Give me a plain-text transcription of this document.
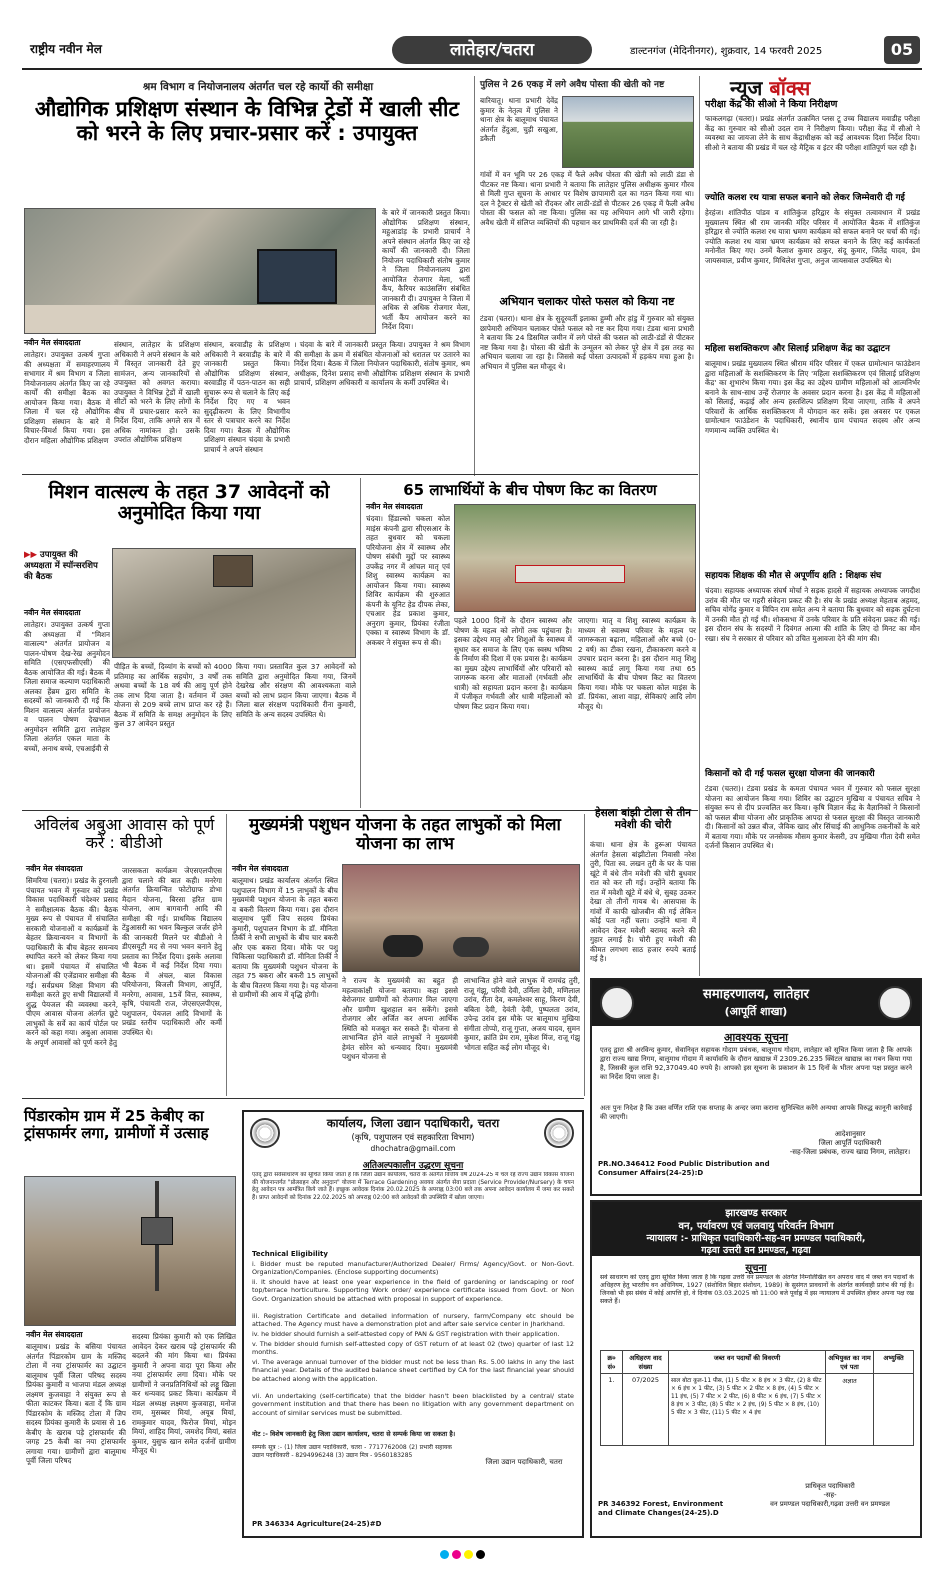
राष्ट्रीय नवीन मेल	लातेहार/चतरा	डाल्टनगंज (मेदिनीनगर), शुक्रवार, 14 फरवरी 2025	05
श्रम विभाग व नियोजनालय अंतर्गत चल रहे कार्यो की समीक्षा
औद्योगिक प्रशिक्षण संस्थान के विभिन्न ट्रेडों में खाली सीट को भरने के लिए प्रचार-प्रसार करें : उपायुक्त
के बारे में जानकारी प्रस्तुत किया।औद्योगिक प्रशिक्षण संस्थान, महुआडांड़ के प्रभारी प्राचार्य ने अपने संस्थान अंतर्गत किए जा रहे कार्यों की जानकारी दी। जिला नियोजन पदाधिकारी संतोष कुमार ने जिला नियोजनालय द्वारा आयोजित रोजगार मेला, भर्ती कैंप, कैरियर काउंसलिंग संबंधित जानकारी दी। उपायुक्त ने जिला में अधिक से अधिक रोजगार मेला, भर्ती कैंप आयोजन करने का निर्देश दिया।
नवीन मेल संवाददाता
लातेहार। उपायुक्त उत्कर्ष गुप्ता की अध्यक्षता में समाहरणालय सभागार में श्रम विभाग व जिला नियोजनालय अंतर्गत किए जा रहे कार्यों की समीक्षा बैठक का आयोजन किया गया। बैठक में जिला में चल रहे औद्योगिक प्रशिक्षण संस्थान के बारे में विचार-विमर्श किया गया। इस दौरान महिला औद्योगिक प्रशिक्षण
संस्थान, लातेहार के प्रशिक्षण अधिकारी ने अपने संस्थान के बारे में विस्तृत जानकारी देते हुए सामंजन, अन्य जानकारियों से उपायुक्त को अवगत कराया। उपायुक्त ने विभिन्न ट्रेडों में खाली सीटों को भरने के लिए लोगों के बीच में प्रचार-प्रसार करने का निर्देश दिया, ताकि अगले सत्र में अधिक नामांकन हो। उसके उपरांत औद्योगिक प्रशिक्षण
संस्थान, बरवाडीह के प्रशिक्षण अधिकारी ने बरवाडीह के बारे में जानकारी प्रस्तुत किया। औद्योगिक प्रशिक्षण संस्थान, बरवाडीह में पठन-पाठन का सही सुचारू रूप से चलाने के लिए कई निर्देश दिए गए व भवन सुदृढ़ीकरण के लिए विभागीय स्तर से पत्राचार करने का निर्देश दिया गया। बैठक में औद्योगिक प्रशिक्षण संस्थान चंदवा के प्रभारी प्राचार्य ने अपने संस्थान
। चंदवा के बारे में जानकारी प्रस्तुत किया। उपायुक्त ने श्रम विभाग की समीक्षा के क्रम में संबंधित योजनाओं को धरातल पर उतारने का निर्देश दिया। बैठक में जिला नियोजन पदाधिकारी, संतोष कुमार, श्रम अधीक्षक, दिनेश प्रसाद सभी औद्योगिक प्रशिक्षण संस्थान के प्रभारी प्राचार्य, प्रशिक्षण अधिकारी व कार्यालय के कर्मी उपस्थित थे।
पुलिस ने 26 एकड़ में लगे अवैध पोस्ता की खेती को नष्ट
बारियातू। थाना प्रभारी देवेंद्र कुमार के नेतृत्व में पुलिस ने थाना क्षेत्र के बालूमाथ पंचायत अंतर्गत हेंदुआ, चुड़ी सखुआ, डकैती
गांवों में वन भूमि पर 26 एकड़ में फैले अवैध पोस्ता की खेती को लाठी डंडा से पीटकर नष्ट किया। थाना प्रभारी ने बताया कि लातेहार पुलिस अधीक्षक कुमार गौरव से मिली गुप्त सूचना के आधार पर विशेष छापामारी दल का गठन किया गया था। दल ने ट्रैक्टर से खेती को रौंदकर और लाठी-डंडों से पीटकर 26 एकड़ में फैली अवैध पोस्ता की फसल को नष्ट किया। पुलिस का यह अभियान आगे भी जारी रहेगा। अवैध खेती में संलिप्त व्यक्तियों की पहचान कर प्राथमिकी दर्ज की जा रही है।
अभियान चलाकर पोस्ते फसल को किया नष्ट
टंडवा (चतरा)। थाना क्षेत्र के सुदूरवर्ती इलाका हुम्मी और हांडु में गुरुवार को संयुक्त छापेमारी अभियान चलाकर पोस्ते फसल को नष्ट कर दिया गया। टंडवा थाना प्रभारी ने बताया कि 24 डिसमिल जमीन में लगे पोस्ते की फसल को लाठी-डंडों से पीटकर नष्ट किया गया है। पोस्ता की खेती के उन्मूलन को लेकर पूरे क्षेत्र में इस तरह का अभियान चलाया जा रहा है। जिससे कई पोस्ता उत्पादकों में हड़कंप मचा हुआ है। अभियान में पुलिस बल मौजूद थे।
न्यूज बॉक्स
परीक्षा केंद्र की सीओ ने किया निरीक्षण
फाकलगढ़ा (चतरा)। प्रखंड अंतर्गत उत्क्रमित प्लस टू उच्च विद्यालय मवाडीह परीक्षा केंद्र का गुरुवार को सीओ उदल राम ने निरीक्षण किया। परीक्षा केंद्र में सीओ ने व्यवस्था का जायजा लेने के साथ केंद्राधीक्षक को कई आवश्यक दिशा निर्देश दिया। सीओ ने बताया की प्रखंड में चल रहे मैट्रिक व इंटर की परीक्षा शांतिपूर्ण चल रही है।
ज्योति कलश रथ यात्रा सफल बनाने को लेकर जिम्मेवारी दी गई
हेरहंज। शांतिपीठ पांडव व शांतिकुंज हरिद्वार के संयुक्त तत्वावधान में प्रखंड मुख्यालय स्थित श्री राम जानकी मंदिर परिसर में आयोजित बैठक में शांतिकुंज हरिद्वार से ज्योति कलश रथ यात्रा भ्रमण कार्यक्रम को सफल बनाने पर चर्चा की गई। ज्योति कलश रथ यात्रा भ्रमण कार्यक्रम को सफल बनाने के लिए कई कार्यकर्ता मनोनीत किए गए। उनमें कैलाश कुमार ठाकुर, संदू कुमार, जितेंद्र यादव, प्रेम जायसवाल, प्रवीण कुमार, मिथिलेश गुप्ता, अनुज जायसवाल उपस्थित थे।
महिला सशक्तिकरण और सिलाई प्रशिक्षण केंद्र का उद्घाटन
बालूमाथ। प्रखंड मुख्यालय स्थित श्रीराम मंदिर परिसर में एकल ग्रामोत्थान फाउंडेशन द्वारा महिलाओं के सशक्तिकरण के लिए 'महिला सशक्तिकरण एवं सिलाई प्रशिक्षण केंद्र' का शुभारंभ किया गया। इस केंद्र का उद्देश्य ग्रामीण महिलाओं को आत्मनिर्भर बनाने के साथ-साथ उन्हें रोजगार के अवसर प्रदान करना है। इस केंद्र में महिलाओं को सिलाई, कढ़ाई और अन्य हस्तशिल्प प्रशिक्षण दिया जाएगा, ताकि वे अपने परिवारों के आर्थिक सशक्तिकरण में योगदान कर सकें। इस अवसर पर एकल ग्रामोत्थान फाउंडेशन के पदाधिकारी, स्थानीय ग्राम पंचायत सदस्य और अन्य गणमान्य व्यक्ति उपस्थित थे।
सहायक शिक्षक की मौत से अपूर्णीय क्षति : शिक्षक संघ
चंदवा। सहायक अध्यापक संघर्ष मोर्चा ने सड़क हादसे में सहायक अध्यापक जगदीश उरांव की मौत पर गहरी संवेदना प्रकट की है। संघ के प्रखंड अध्यक्ष मेहताब अहमद, सचिव योगेंद्र कुमार व विपिन राम समेत अन्य ने बताया कि बुधवार को सड़क दुर्घटना में उनकी मौत हो गई थी। शोकसभा में उनके परिवार के प्रति संवेदना प्रकट की गई। इस दौरान संघ के सदस्यों ने दिवंगत आत्मा की शांति के लिए दो मिनट का मौन रखा। संघ ने सरकार से परिवार को उचित मुआवजा देने की मांग की।
किसानों को दी गई फसल सुरक्षा योजना की जानकारी
टंडवा (चतरा)। टंडवा प्रखंड के कमता पंचायत भवन में गुरुवार को फसल सुरक्षा योजना का आयोजन किया गया। शिविर का उद्घाटन मुखिया व पंचायत सचिव ने संयुक्त रूप से दीप प्रज्वलित कर किया। कृषि विज्ञान केंद्र के वैज्ञानिकों ने किसानों को फसल बीमा योजना और प्राकृतिक आपदा से फसल सुरक्षा की विस्तृत जानकारी दी। किसानों को उन्नत बीज, जैविक खाद और सिंचाई की आधुनिक तकनीकों के बारे में बताया गया। मौके पर जनसेवक मौसम कुमार केसरी, उप मुखिया गीता देवी समेत दर्जनों किसान उपस्थित थे।
मिशन वात्सल्य के तहत 37 आवेदनों को अनुमोदित किया गया
▶▶ उपायुक्त की अध्यक्षता में स्पॉन्सरशिप की बैठक
नवीन मेल संवाददाता
लातेहार। उपायुक्त उत्कर्ष गुप्ता की अध्यक्षता में "मिशन वात्सल्य" अंतर्गत प्रायोजन व पालन-पोषण देख-रेख अनुमोदन समिति (एसएफसीएसी) की बैठक आयोजित की गई। बैठक में जिला समाज कल्याण पदाधिकारी अलका हेंब्रम द्वारा समिति के सदस्यों को जानकारी दी गई कि मिशन वात्सल्य अंतर्गत प्रायोजन व पालन पोषण देखभाल अनुमोदन समिति द्वारा लातेहार जिला अंतर्गत एकल माता के बच्चों, अनाथ बच्चे, एचआईवी से
पीड़ित के बच्चों, दिव्यांग के बच्चों को 4000 प्रतिमाह का आर्थिक सहयोग, 3 वर्षों तक अथवा बच्चों के 18 वर्ष की आयु पूर्ण होने तक लाभ दिया जाता है। वर्तमान में उक्त योजना से 209 बच्चे लाभ प्राप्त कर रहे हैं। बैठक में समिति के समक्ष अनुमोदन के लिए कुल 37 आवेदन प्रस्तुत
किया गया। प्रस्तावित कुल 37 आवेदनों को समिति द्वारा अनुमोदित किया गया, जिनमें देखरेख और संरक्षण की आवश्यकता वाले बच्चों को लाभ प्रदान किया जाएगा। बैठक में जिला बाल संरक्षण पदाधिकारी रीना कुमारी, समिति के अन्य सदस्य उपस्थित थे।
65 लाभार्थियों के बीच पोषण किट का वितरण
नवीन मेल संवाददाता
चंदवा। हिंडाल्को चकला कोल माइंस कंपनी द्वारा सीएसआर के तहत बुधवार को चकला परियोजना क्षेत्र में स्वास्थ्य और पोषण संबंधी मुद्दों पर स्वास्थ्य उपकेंद्र नगर में आंचल मातृ एवं शिशु स्वास्थ्य कार्यक्रम का आयोजन किया गया। स्वास्थ्य शिविर कार्यक्रम की शुरुआत कंपनी के यूनिट हेड दीपक लेका, एचआर हेड प्रकाश कुमार, अनुराग कुमार, प्रियंका रंजीता एक्का व स्वास्थ्य विभाग के डॉ. अकबर ने संयुक्त रूप से की।
पहले 1000 दिनों के दौरान स्वास्थ्य और पोषण के महत्व को लोगों तक पहुंचाना है। इसका उद्देश्य मातृ और शिशुओं के स्वास्थ्य में सुधार कर समाज के लिए एक स्वस्थ भविष्य के निर्माण की दिशा में एक प्रयास है। कार्यक्रम का मुख्य उद्देश्य लाभार्थियों और परिवारों को जागरूक करना और माताओं (गर्भवती और धात्री) को सहायता प्रदान करना है। कार्यक्रम में पंजीकृत गर्भवती और धात्री महिलाओं को पोषण किट प्रदान किया गया।
जाएगा। मातृ व शिशु स्वास्थ्य कार्यक्रम के माध्यम से स्वास्थ्य परिवार के महत्व पर जागरूकता बढ़ाना, महिलाओं और बच्चे (0-2 वर्ष) का टीका रखना, टीकाकरण करने व उपचार प्रदान करना है। इस दौरान मातृ शिशु स्वास्थ्य कार्ड लागू किया गया तथा 65 लाभार्थियों के बीच पोषण किट का वितरण किया गया। मौके पर चकला कोल माइंस के डॉ. प्रियंका, आशा वाड़ा, सेविकाएं आदि लोग मौजूद थे।
अविलंब अबुआ आवास को पूर्ण करें : बीडीओ
नवीन मेल संवाददाता
सिमरिया (चतरा)। प्रखंड के हुरनाली पंचायत भवन में गुरुवार को प्रखंड विकास पदाधिकारी चंदेश्वर प्रसाद ने समीक्षात्मक बैठक की। बैठक मुख्य रूप से पंचायत में संचालित सरकारी योजनाओं व कार्यक्रमों के बेहतर क्रियान्वयन व विभागों के पदाधिकारी के बीच बेहतर समन्वय स्थापित करने को लेकर किया गया था। इसमें पंचायत में संचालित योजनाओं की एजेंडावार समीक्षा की गई। सर्वप्रथम शिक्षा विभाग की समीक्षा करते हुए सभी विद्यालयों में शुद्ध पेयजल की व्यवस्था करने, पीएम आवास योजना अंतर्गत छूटे लाभुकों के सर्वे का कार्य पोर्टल पर करने को कहा गया। अबुआ आवास के अपूर्ण आवासों को पूर्ण करने हेतु
जारसकता कार्यक्रम जेएसएलपीएस द्वारा चलाने की बात कही। मनरेगा अंतर्गत क्रियान्वित फोटोग्राफ डोभा मैदान योजना, बिरसा हरित ग्राम योजना, आम बागवानी आदि की समीक्षा की गई। प्राथमिक विद्यालय टेंडुआसरी का भवन बिल्कुल जर्जर होने की जानकारी मिलने पर बीडीओ ने डीएसयूटी मद से नया भवन बनाने हेतु प्रस्ताव का निर्देश दिया। इसके अलावा भी बैठक में कई निर्देश दिया गया। बैठक में अंचल, बाल विकास परियोजना, बिजली विभाग, आपूर्ति, मनरेगा, आवास, 15वें वित्त, स्वास्थ्य, कृषि, पंचायती राज, जेएसएलपीएस, पशुपालन, पेयजल आदि विभागों के प्रखंड स्तरीय पदाधिकारी और कर्मी उपस्थित थे।
मुख्यमंत्री पशुधन योजना के तहत लाभुकों को मिला योजना का लाभ
नवीन मेल संवाददाता
बालूमाथ। प्रखंड कार्यालय अंतर्गत स्थित पशुपालन विभाग में 15 लाभुकों के बीच मुख्यमंत्री पशुधन योजना के तहत बकरा व बकरी वितरण किया गया। इस दौरान बालूमाथ पूर्वी जिप सदस्य प्रियंका कुमारी, पशुपालन विभाग के डॉ. मीनिता तिर्की ने सभी लाभुकों के बीच चार बकरी और एक बकरा दिया। मौके पर पशु चिकित्सा पदाधिकारी डॉ. मीनिता तिर्की ने बताया कि मुख्यमंत्री पशुधन योजना के तहत 75 बकरा और बकरी 15 लाभुकों के बीच वितरण किया गया है। यह योजना से ग्रामीणों की आय में वृद्धि होगी।
ने राज्य के मुख्यमंत्री का बहुत ही महत्वाकांक्षी योजना बताया। कहा इससे बेरोजगार ग्रामीणों को रोजगार मिल जाएगा और ग्रामीण खुशहाल बन सकेंगे। इससे रोजगार और अर्जित कर अपना आर्थिक स्थिति को मजबूत कर सकते हैं। योजना से लाभान्वित होने वाले लाभुकों ने मुख्यमंत्री हेमंत सोरेन को धन्यवाद दिया। मुख्यमंत्री पशुधन योजना से
लाभान्वित होने वाले लाभुक में रामचंद्र तुरी, राजू गंझू, परिवी देवी, उर्मिला देवी, मणिलाल उरांव, रीता देव, कमलेश्वर साहू, किरण देवी, बबिता देवी, देवंती देवी, पुष्पलता उरांव, उपेन्द्र उरांव इस मौके पर बालूमाथ मुखिया संगीता तोप्पो, राजू गुप्ता, अजय यादव, सुमन कुमार, क्रांति प्रेम राम, मुकेश मिंज, राजू गंझू भोगता सहित कई लोग मौजूद थे।
हेसला बांझी टोला से तीन मवेशी की चोरी
कंचा। थाना क्षेत्र के हुरूआ पंचायत अंतर्गत हेसला बांझीटोला निवासी नरेश तुरी, पिता स्व. लखन तुरी के घर के पास खूंटे में बंधे तीन मवेशी की चोरी बुधवार रात को कर ली गई। उन्होंने बताया कि रात में मवेशी खूंटे में बंधे थे, सुबह उठकर देखा तो तीनों गायब थे। आसपास के गांवों में काफी खोजबीन की गई लेकिन कोई पता नहीं चला। उन्होंने थाना में आवेदन देकर मवेशी बरामद करने की गुहार लगाई है। चोरी हुए मवेशी की कीमत लगभग साठ हजार रुपये बताई गई है।
समाहरणालय, लातेहार
(आपूर्ति शाखा)
आवश्यक सूचना
एतद् द्वारा श्री अरविन्द कुमार, सेवानिवृत सहायक गोदाम प्रबंधक, बालूमाथ गोदाम, लातेहार को सूचित किया जाता है कि आपके द्वारा राज्य खाद्य निगम, बालूमाथ गोदाम में कार्यावधि के दौरान खाद्यान्न में 2309.26.235 क्विंटल खाद्यान्न का गबन किया गया है, जिसकी कुल राशि 92,37049.40 रुपये है। आपको इस सूचना के प्रकाशन के 15 दिनों के भीतर अपना पक्ष प्रस्तुत करने का निर्देश दिया जाता है।
अतः पुनः निदेश है कि उक्त वर्णित राशि एक सप्ताह के अन्दर जमा कराना सुनिश्चित करेंगे अन्यथा आपके विरुद्ध कानूनी कार्रवाई की जाएगी।
आदेशानुसार
जिला आपूर्ति पदाधिकारी
-सह-जिला प्रबंधक, राज्य खाद्य निगम, लातेहार।
PR.NO.346412 Food Public Distribution and Consumer Affairs(24-25):D
पिंडारकोम ग्राम में 25 केबीए का ट्रांसफार्मर लगा, ग्रामीणों में उत्साह
नवीन मेल संवाददाता
बालूमाथ। प्रखंड के बसिया पंचायत अंतर्गत पिंडारकोम ग्राम के मस्जिद टोला में नया ट्रांसफार्मर का उद्घाटन बालूमाथ पूर्वी जिला परिषद सदस्य प्रियंका कुमारी व भाजपा मंडल अध्यक्ष लक्ष्मण कुजवाहा ने संयुक्त रूप से फीता काटकर किया। बता दें कि ग्राम पिंडारकोम के मस्जिद टोला में जिप सदस्य प्रियंका कुमारी के प्रयास से 16 केबीए के खराब पड़े ट्रांसफार्मर की जगह 25 केबी का नया ट्रांसफार्मर लगाया गया। ग्रामीणों द्वारा बालूमाथ पूर्वी जिला परिषद
सदस्या प्रियंका कुमारी को एक लिखित आवेदन देकर खराब पड़े ट्रांसफार्मर की बदलने की मांग किया था। प्रियंका कुमारी ने अपना वादा पूरा किया और नया ट्रांसफार्मर लगा दिया। मौके पर ग्रामीणों ने जनप्रतिनिधियों को लड्डू खिला कर धन्यवाद प्रकट किया। कार्यक्रम में मंडल अध्यक्ष लक्ष्मण कुजवाहा, मनोज राम, मुसब्बर मियां, अयूब मियां, रामकुमार यादव, फिरोज मियां, मोइन मियां, शाहिद मियां, जमशेद मियां, बसंत कुमार, युसुफ खान समेत दर्जनों ग्रामीण मौजूद थे।
कार्यालय, जिला उद्यान पदाधिकारी, चतरा
(कृषि, पशुपालन एवं सहकारिता विभाग)
dhochatra@gmail.com
अतिअल्पकालीन उद्धरण सूचना
एतद् द्वारा सर्वसाधारण को सूचित किया जाता है कि जिला उद्यान कार्यालय, चतरा के अंतर्गत वित्तीय वर्ष 2024-25 में चल रहे राज्य उद्यान विकास योजना की योजनान्तर्गत "प्रोत्साहन और अनुदान" योजना में Terrace Gardening अवयव अंतर्गत सेवा प्रदाता (Service Provider/Nursery) के चयन हेतु आवेदन पत्र आमंत्रित किये जाते हैं। इच्छुक आवेदक दिनांक 20.02.2025 के अपराह्न 03:00 बजे तक अपना आवेदन कार्यालय में जमा कर सकते हैं। प्राप्त आवेदनों को दिनांक 22.02.2025 को अपराह्न 02:00 बजे आवेदकों की उपस्थिति में खोला जाएगा।
Technical Eligibility
i. Bidder must be reputed manufacturer/Authorized Dealer/ Firms/ Agency/Govt. or Non-Govt. Organization/Companies. (Enclose supporting documents)
ii. It should have at least one year experience in the field of gardening or landscaping or roof top/terrace horticulture. Supporting Work order/ experience certificate issued from Govt. or Non Govt. Organization should be attached with proposal in support of experience.
iii. Registration Certificate and detailed information of nursery, farm/Company etc should be attached. The Agency must have a demonstration plot and after sale service center in Jharkhand.
iv. he bidder should furnish a self-attested copy of PAN & GST registration with their application.
v. The bidder should furnish self-attested copy of GST return of at least 02 (two) quarter of last 12 months.
vi. The average annual turnover of the bidder must not be less than Rs. 5.00 lakhs in any the last financial year. Details of the audited balance sheet certified by CA for the last financial year should be attached along with the application.
vii. An undertaking (self-certificate) that the bidder hasn't been blacklisted by a central/ state government institution and that there has been no litigation with any government department on account of similar services must be submitted.
नोट :- विशेष जानकारी हेतु जिला उद्यान कार्यालय, चतरा से सम्पर्क किया जा सकता है।
सम्पर्क सूत्र :- (1) जिला उद्यान पदाधिकारी, चतरा - 7717762008 (2) प्रभारी सहायक उद्यान पदाधिकारी - 8294996248 (3) उद्यान मित्र - 9560183285
जिला उद्यान पदाधिकारी, चतरा
PR 346334 Agriculture(24-25)#D
झारखण्ड सरकार
वन, पर्यावरण एवं जलवायु परिवर्तन विभाग
न्यायालय :- प्राधिकृत पदाधिकारी-सह-वन प्रमण्डल पदाधिकारी,
गढ़वा उत्तरी वन प्रमण्डल, गढ़वा
सूचना
सर्व साधारण को एतद् द्वारा सूचित किया जाता है कि गढ़वा उत्तरी वन प्रमण्डल के अंतर्गत निम्नलिखित वन अपराध वाद में जब्त वन पदार्थों के अधिहरण हेतु भारतीय वन अधिनियम, 1927 (संशोधित बिहार संशोधन, 1989) के सुसंगत प्रावधानों के अंतर्गत कार्यवाही प्रारंभ की गई है। जिनको भी इस संबंध में कोई आपत्ति हो, वे दिनांक 03.03.2025 को 11:00 बजे पूर्वाह्न में इस न्यायालय में उपस्थित होकर अपना पक्ष रख सकते हैं।
क्र० सं०	अधिहरण वाद संख्या	जब्त वन पदार्थों की विवरणी	अभियुक्त का नाम एवं पता	अभ्युक्ति
1.	07/2025	साल बोटा कुल-11 पीस, (1) 5 फीट × 8 इंच × 3 फीट, (2) 8 फीट × 6 इंच × 1 फीट, (3) 5 फीट × 2 फीट × 8 इंच, (4) 5 फीट × 11 इंच, (5) 7 फीट × 2 फीट, (6) 8 फीट × 6 इंच, (7) 5 फीट × 8 इंच × 3 फीट, (8) 5 फीट × 2 इंच, (9) 5 फीट × 8 इंच, (10) 5 फीट × 3 फीट, (11) 5 फीट × 4 इंच	अज्ञात	
प्राधिकृत पदाधिकारी
-सह-
वन प्रमण्डल पदाधिकारी,गढ़वा उत्तरी वन प्रमण्डल
PR 346392 Forest, Environment and Climate Changes(24-25).D
